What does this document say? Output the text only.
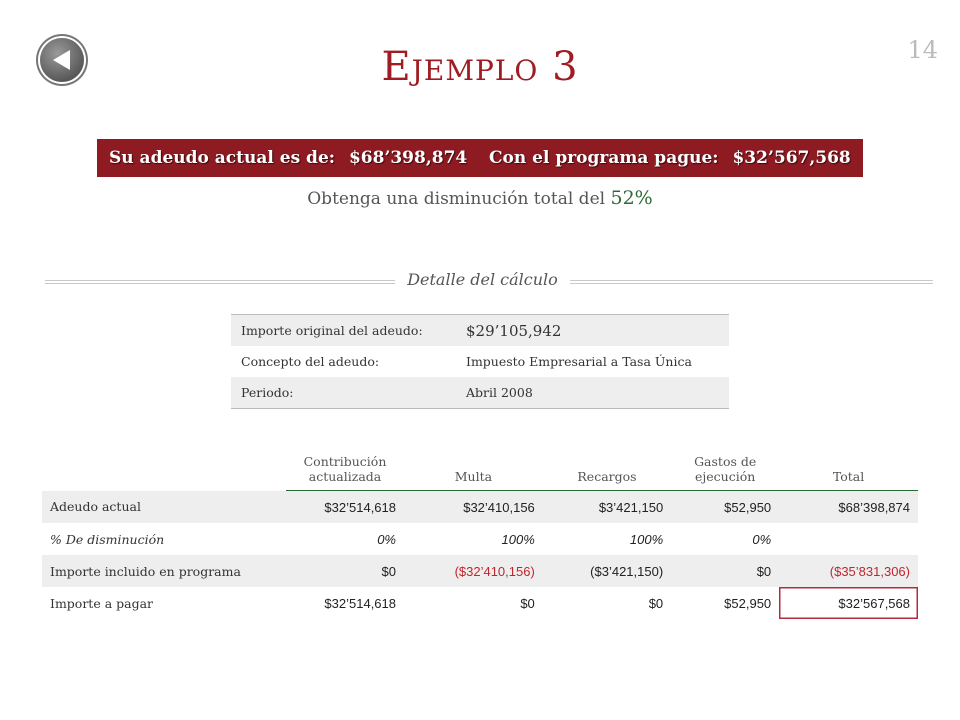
14
Ejemplo 3
Su adeudo actual es de: $68’398,874	Con el programa pague: $32’567,568
Obtenga una disminución total del 52%
Detalle del cálculo
Importe original del adeudo:	$29’105,942
Concepto del adeudo:	Impuesto Empresarial a Tasa Única
Periodo:	Abril 2008
	Contribución actualizada	Multa	Recargos	Gastos de ejecución	Total
Adeudo actual	$32’514,618	$32’410,156	$3’421,150	$52,950	$68’398,874
% De disminución	0%	100%	100%	0%	
Importe incluido en programa	$0	($32’410,156)	($3’421,150)	$0	($35’831,306)
Importe a pagar	$32’514,618	$0	$0	$52,950	$32’567,568
